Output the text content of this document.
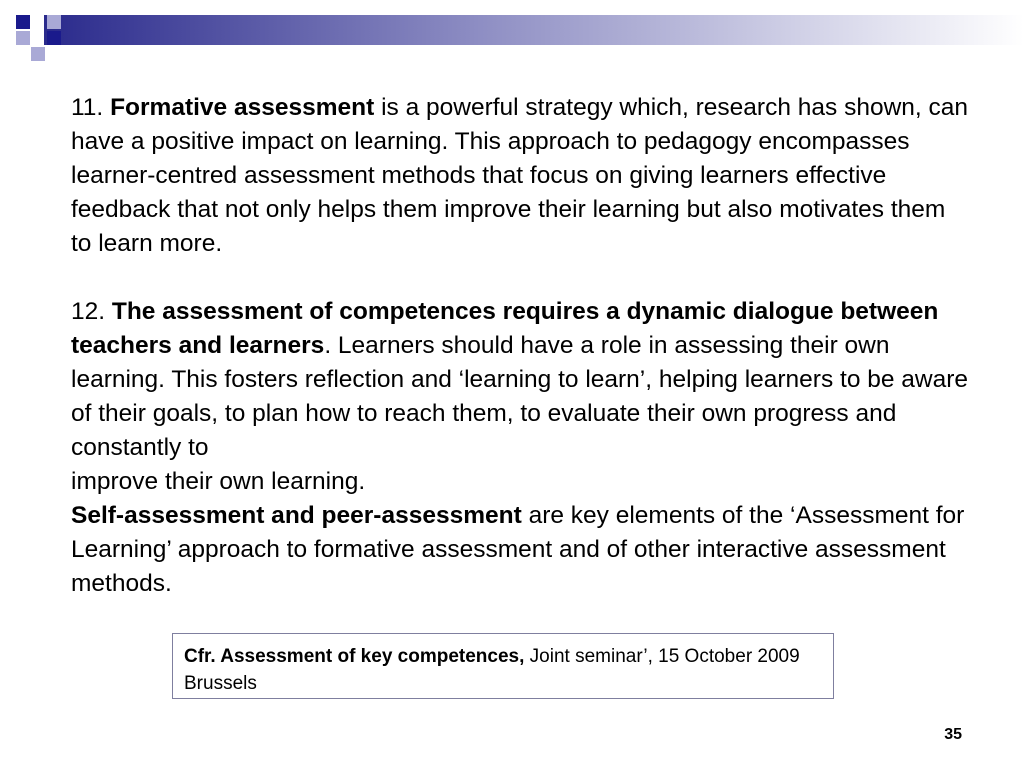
11. Formative assessment is a powerful strategy which, research has shown, can have a positive impact on learning. This approach to pedagogy encompasses learner-centred assessment methods that focus on giving learners effective feedback that not only helps them improve their learning but also motivates them to learn more.

12. The assessment of competences requires a dynamic dialogue between teachers and learners. Learners should have a role in assessing their own learning. This fosters reflection and ‘learning to learn’, helping learners to be aware of their goals, to plan how to reach them, to evaluate their own progress and constantly to

improve their own learning.

Self-assessment and peer-assessment are key elements of the ‘Assessment for Learning’ approach to formative assessment and of other interactive assessment methods.

Cfr. Assessment of key competences, Joint seminar’, 15 October 2009 Brussels
35
